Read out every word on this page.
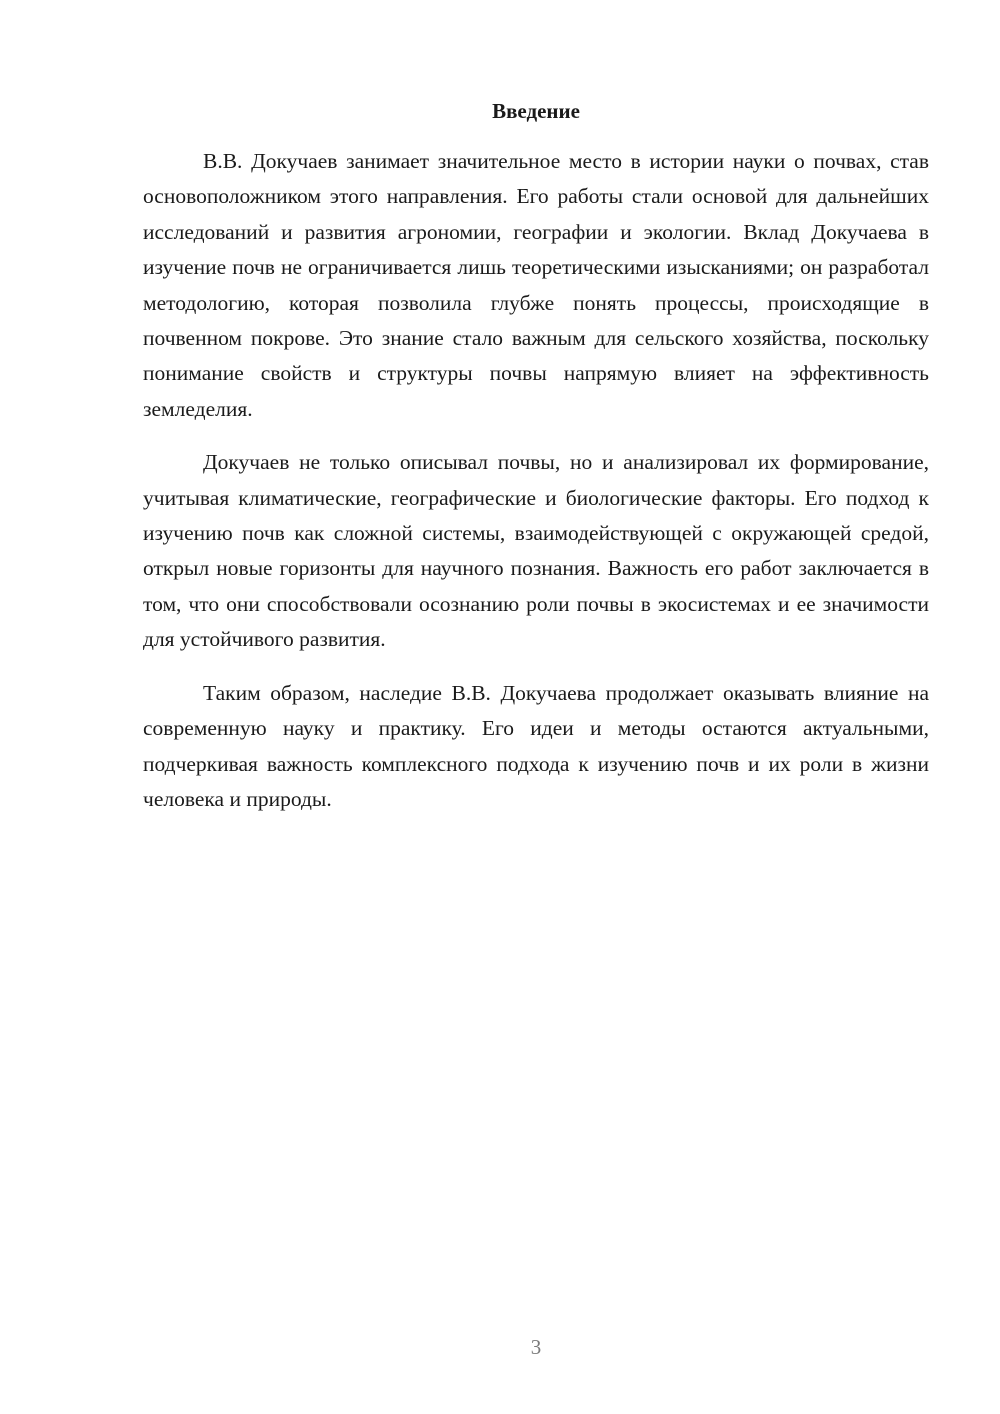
Введение

В.В. Докучаев занимает значительное место в истории науки о почвах, став основоположником этого направления. Его работы стали основой для дальнейших исследований и развития агрономии, географии и экологии. Вклад Докучаева в изучение почв не ограничивается лишь теоретическими изысканиями; он разработал методологию, которая позволила глубже понять процессы, происходящие в почвенном покрове. Это знание стало важным для сельского хозяйства, поскольку понимание свойств и структуры почвы напрямую влияет на эффективность земледелия.

Докучаев не только описывал почвы, но и анализировал их формирование, учитывая климатические, географические и биологические факторы. Его подход к изучению почв как сложной системы, взаимодействующей с окружающей средой, открыл новые горизонты для научного познания. Важность его работ заключается в том, что они способствовали осознанию роли почвы в экосистемах и ее значимости для устойчивого развития.

Таким образом, наследие В.В. Докучаева продолжает оказывать влияние на современную науку и практику. Его идеи и методы остаются актуальными, подчеркивая важность комплексного подхода к изучению почв и их роли в жизни человека и природы.

3
